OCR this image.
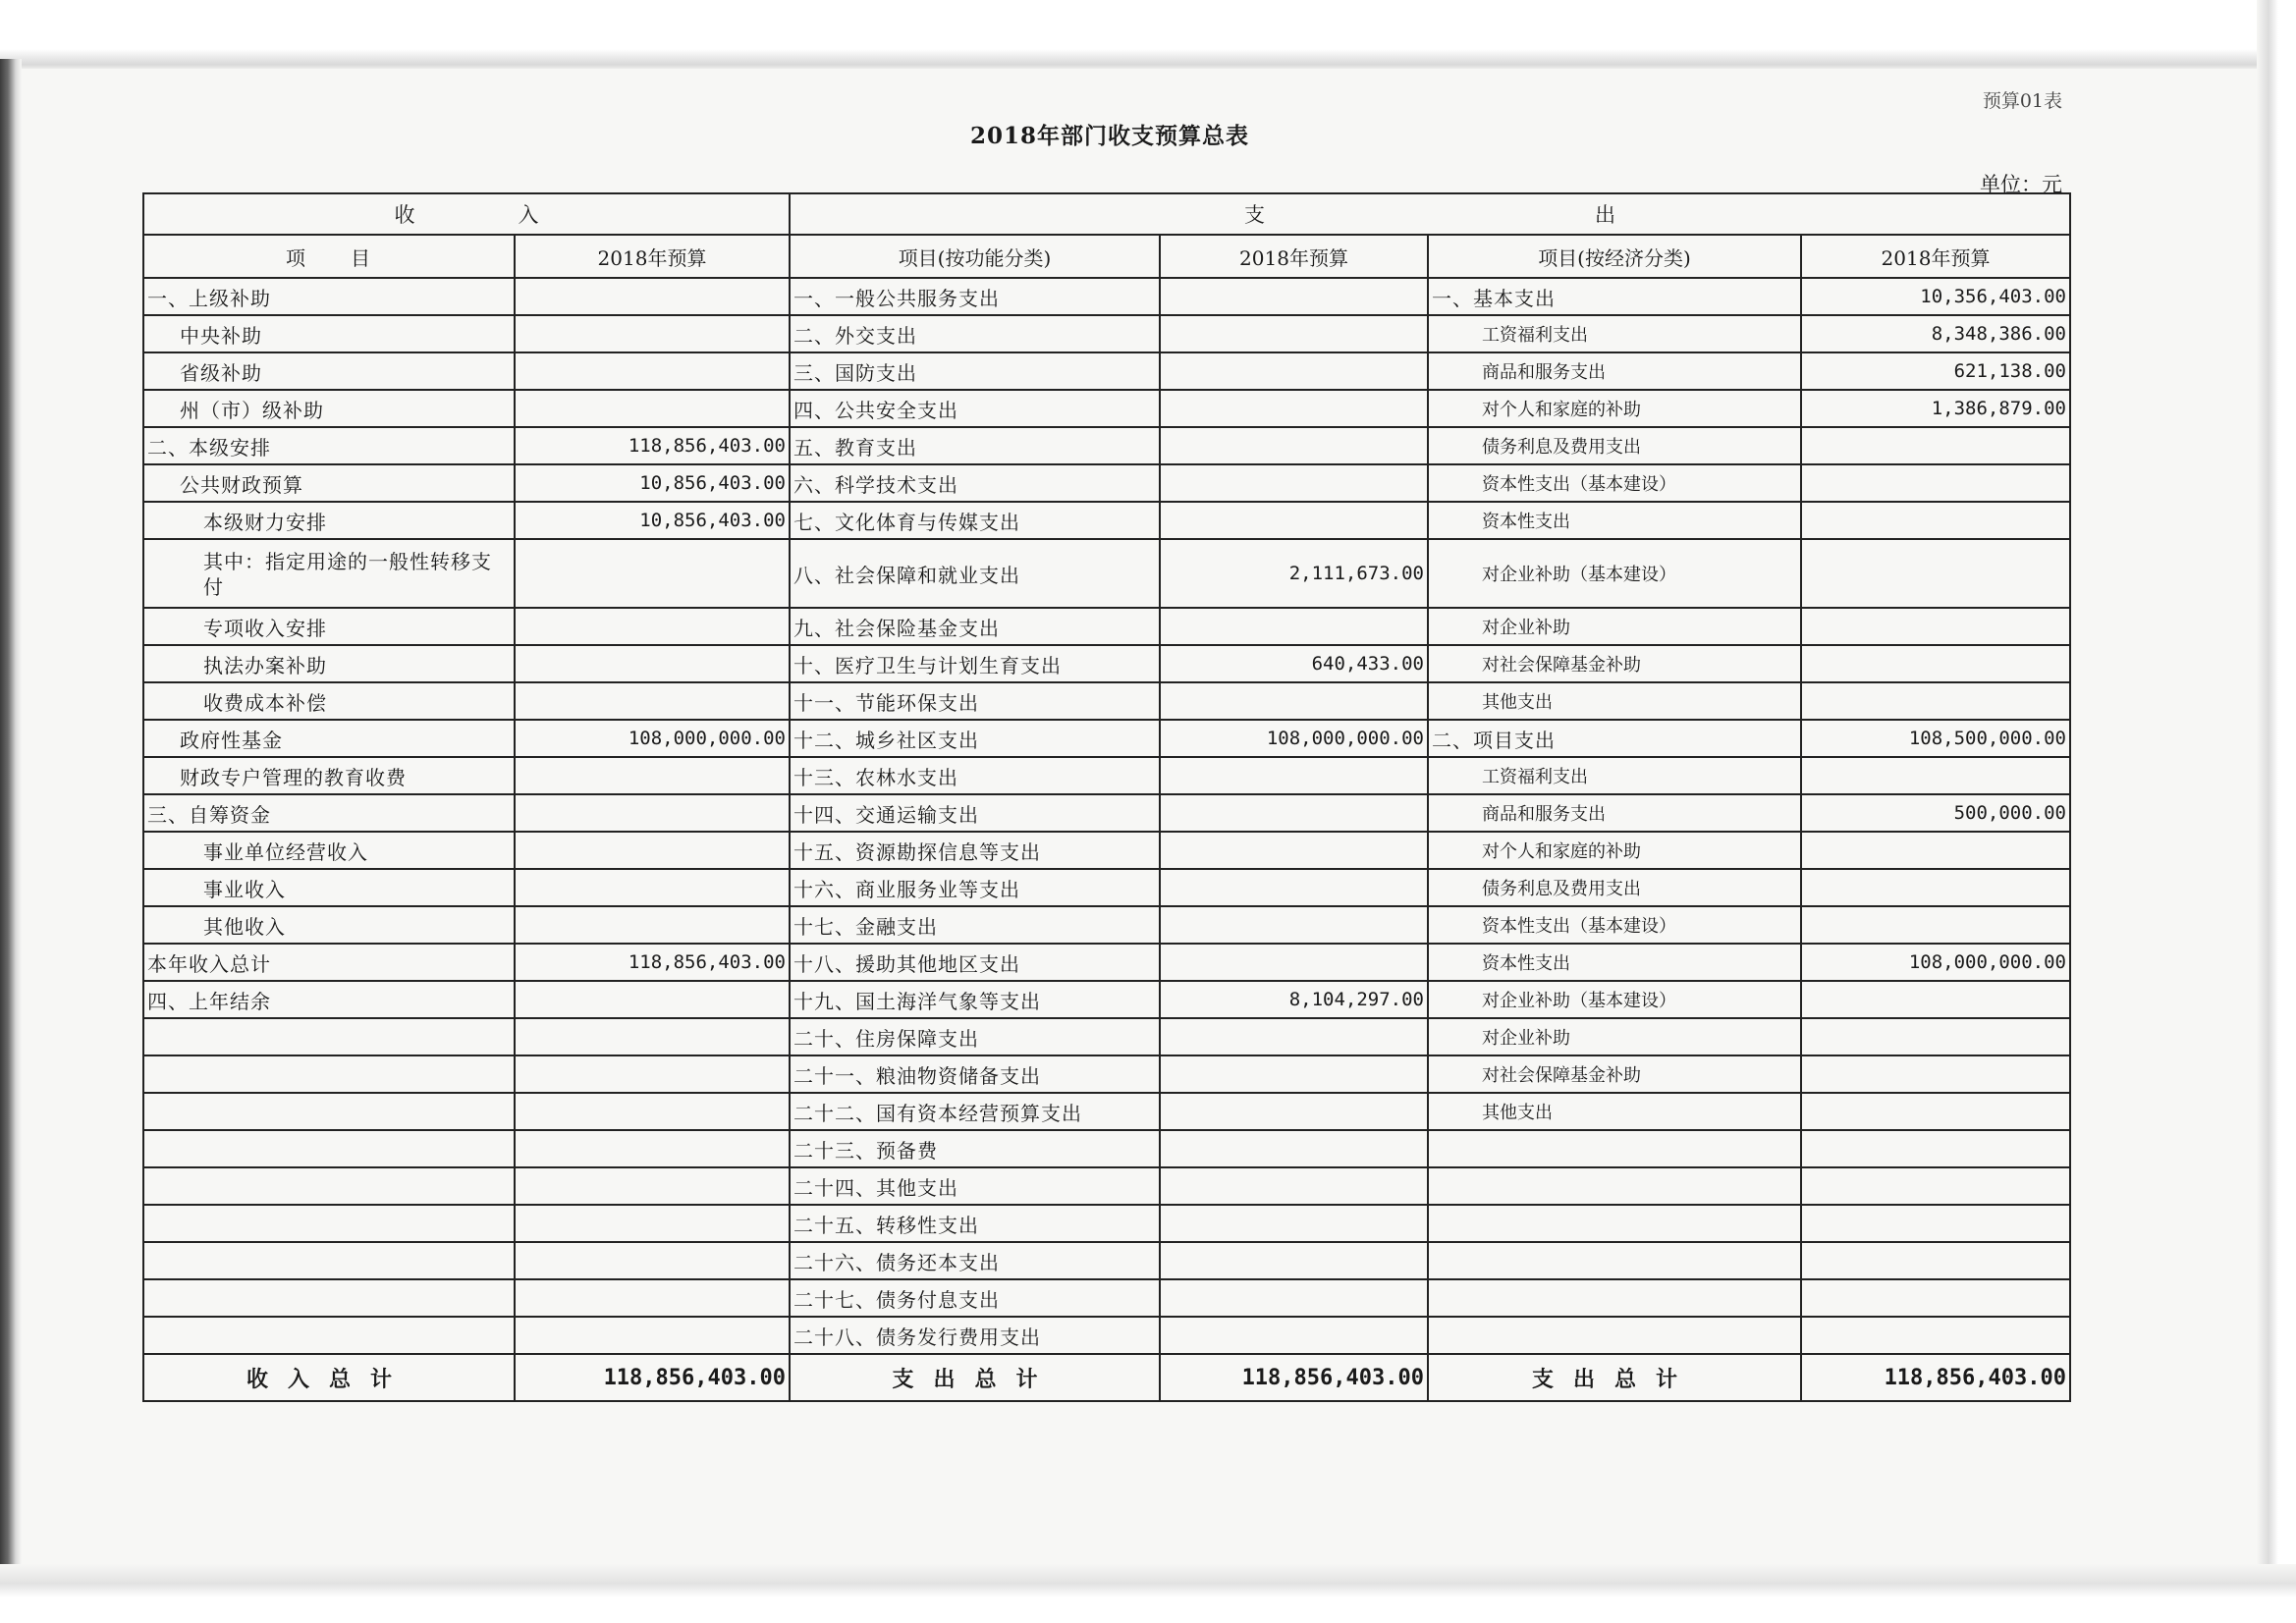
预算01表
2018年部门收支预算总表
单位：元
收　　　　　入		支　　　　　　　　　　　　　　　　出			
项　　目	2018年预算	项目(按功能分类)	2018年预算	项目(按经济分类)	2018年预算
一、上级补助		一、一般公共服务支出		一、基本支出	10,356,403.00
中央补助		二、外交支出		工资福利支出	8,348,386.00
省级补助		三、国防支出		商品和服务支出	621,138.00
州（市）级补助		四、公共安全支出		对个人和家庭的补助	1,386,879.00
二、本级安排	118,856,403.00	五、教育支出		债务利息及费用支出	
公共财政预算	10,856,403.00	六、科学技术支出		资本性支出（基本建设）	
本级财力安排	10,856,403.00	七、文化体育与传媒支出		资本性支出	
其中：指定用途的一般性转移支付		八、社会保障和就业支出	2,111,673.00	对企业补助（基本建设）	
专项收入安排		九、社会保险基金支出		对企业补助	
执法办案补助		十、医疗卫生与计划生育支出	640,433.00	对社会保障基金补助	
收费成本补偿		十一、节能环保支出		其他支出	
政府性基金	108,000,000.00	十二、城乡社区支出	108,000,000.00	二、项目支出	108,500,000.00
财政专户管理的教育收费		十三、农林水支出		工资福利支出	
三、自筹资金		十四、交通运输支出		商品和服务支出	500,000.00
事业单位经营收入		十五、资源勘探信息等支出		对个人和家庭的补助	
事业收入		十六、商业服务业等支出		债务利息及费用支出	
其他收入		十七、金融支出		资本性支出（基本建设）	
本年收入总计	118,856,403.00	十八、援助其他地区支出		资本性支出	108,000,000.00
四、上年结余		十九、国土海洋气象等支出	8,104,297.00	对企业补助（基本建设）	
		二十、住房保障支出		对企业补助	
		二十一、粮油物资储备支出		对社会保障基金补助	
		二十二、国有资本经营预算支出		其他支出	
		二十三、预备费			
		二十四、其他支出			
		二十五、转移性支出			
		二十六、债务还本支出			
		二十七、债务付息支出			
		二十八、债务发行费用支出			
收入总计	118,856,403.00	支出总计	118,856,403.00	支出总计	118,856,403.00
